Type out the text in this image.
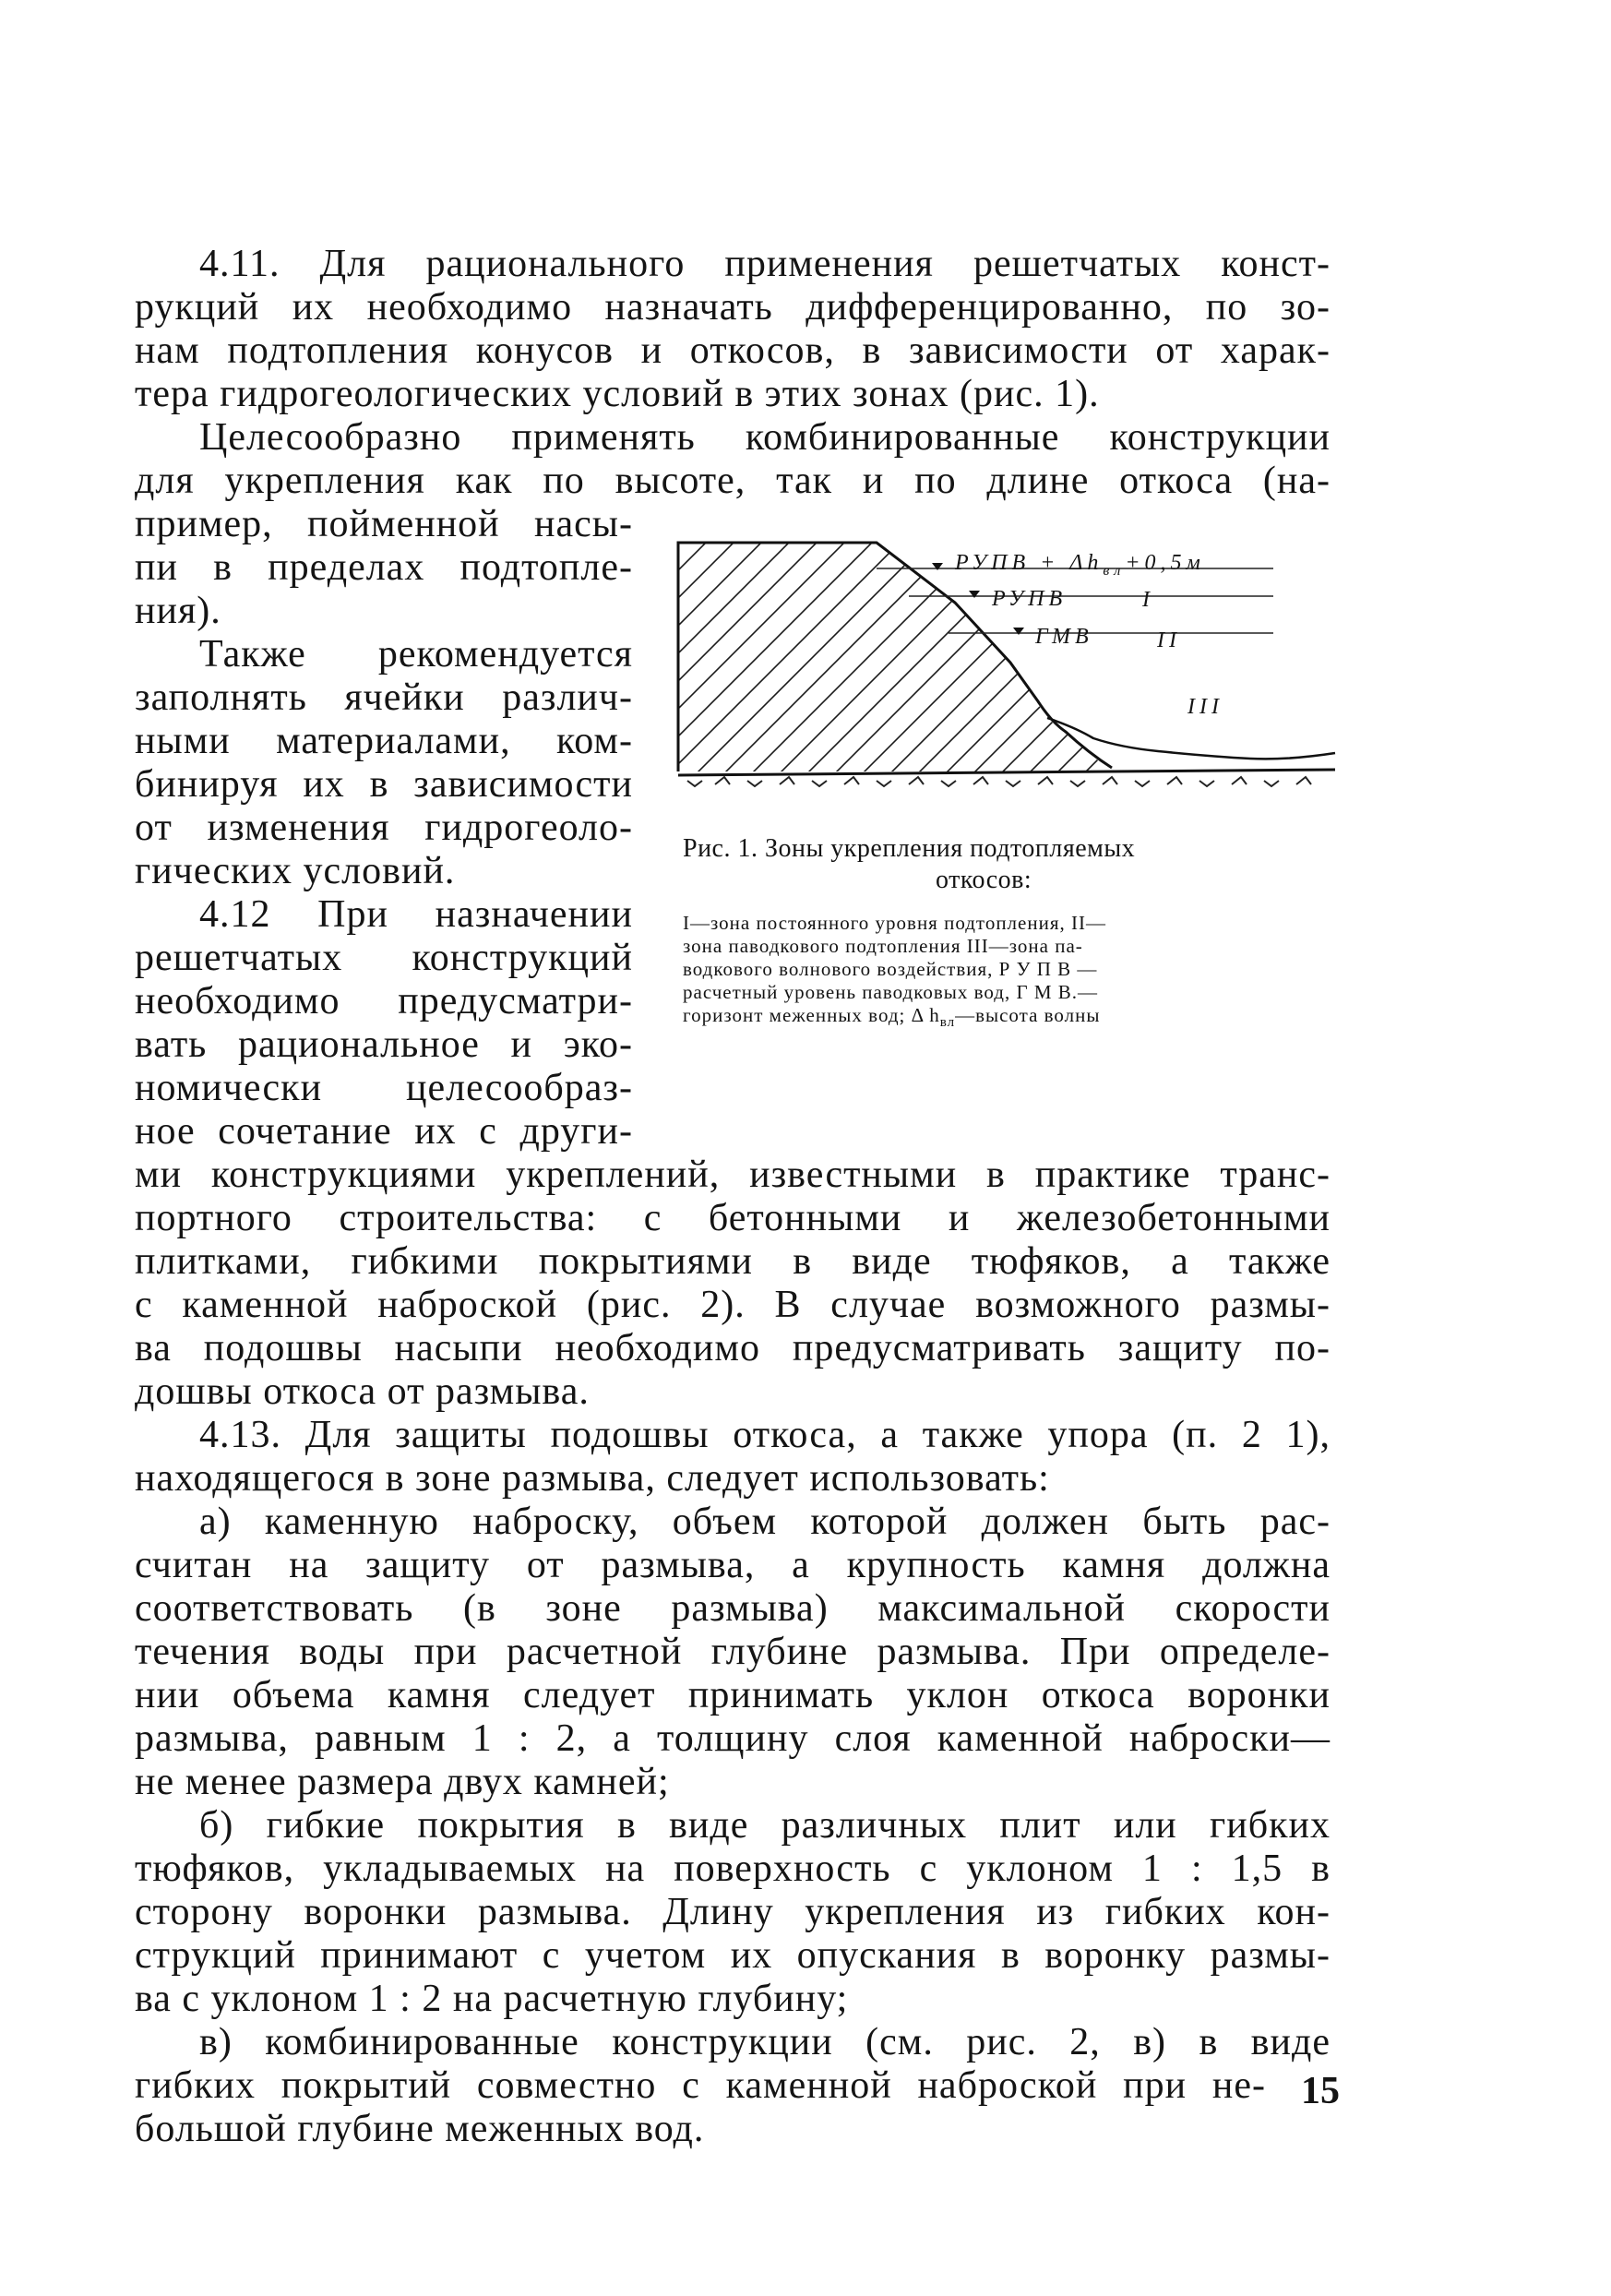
4.11. Для рационального применения решетчатых конст-

рукций их необходимо назначать дифференцированно, по зо-

нам подтопления конусов и откосов, в зависимости от харак-

тера гидрогеологических условий в этих зонах (рис. 1).

Целесообразно применять комбинированные конструкции

для укрепления как по высоте, так и по длине откоса (на-

пример, пойменной насы-

пи в пределах подтопле-

ния).

Также рекомендуется

заполнять ячейки различ-

ными материалами, ком-

бинируя их в зависимости

от изменения гидрогеоло-

гических условий.

4.12 При назначении

решетчатых конструкций

необходимо предусматри-

вать рациональное и эко-

номически целесообраз-

ное сочетание их с други-

РУПВ + $\Delta h_{вл}+0,5м$
РУПВ
ГМВ
I
II
III

Рис. 1. Зоны укрепления подтопляемых

откосов:

I—зона постоянного уровня подтопления, II—

зона паводкового подтопления III—зона па-

водкового волнового воздействия, Р У П В —

расчетный уровень паводковых вод, Г М В.—

горизонт меженных вод; Δ $h_{вл}—высота$ волны

ми конструкциями укреплений, известными в практике транс-

портного строительства: с бетонными и железобетонными

плитками, гибкими покрытиями в виде тюфяков, а также

с каменной наброской (рис. 2). В случае возможного размы-

ва подошвы насыпи необходимо предусматривать защиту по-

дошвы откоса от размыва.

4.13. Для защиты подошвы откоса, а также упора (п. 2 1),

находящегося в зоне размыва, следует использовать:

а) каменную наброску, объем которой должен быть рас-

считан на защиту от размыва, а крупность камня должна

соответствовать (в зоне размыва) максимальной скорости

течения воды при расчетной глубине размыва. При определе-

нии объема камня следует принимать уклон откоса воронки

размыва, равным 1 : 2, а толщину слоя каменной наброски—

не менее размера двух камней;

б) гибкие покрытия в виде различных плит или гибких

тюфяков, укладываемых на поверхность с уклоном 1 : 1,5 в

сторону воронки размыва. Длину укрепления из гибких кон-

струкций принимают с учетом их опускания в воронку размы-

ва с уклоном 1 : 2 на расчетную глубину;

в) комбинированные конструкции (см. рис. 2, в) в виде

гибких покрытий совместно с каменной наброской при не-

большой глубине меженных вод.

15
